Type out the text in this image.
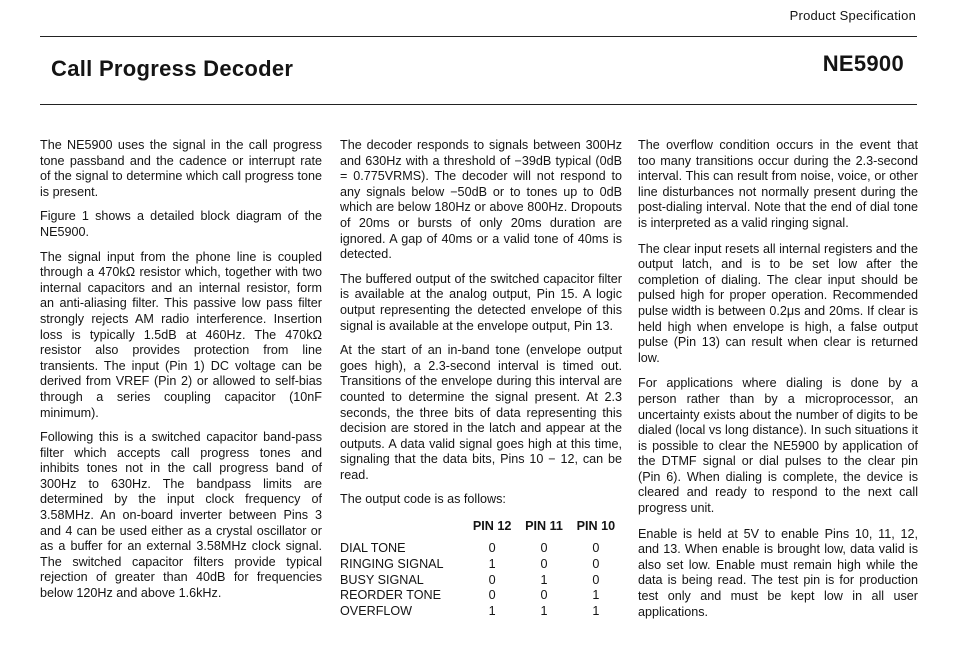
Product Specification
Call Progress Decoder	NE5900

The NE5900 uses the signal in the call progress tone passband and the cadence or interrupt rate of the signal to determine which call progress tone is present.

Figure 1 shows a detailed block diagram of the NE5900.

The signal input from the phone line is coupled through a 470kΩ resistor which, together with two internal capacitors and an internal resistor, form an anti-aliasing filter. This passive low pass filter strongly rejects AM radio interference. Insertion loss is typically 1.5dB at 460Hz. The 470kΩ resistor also provides protection from line transients. The input (Pin 1) DC voltage can be derived from VREF (Pin 2) or allowed to self-bias through a series coupling capacitor (10nF minimum).

Following this is a switched capacitor band-pass filter which accepts call progress tones and inhibits tones not in the call progress band of 300Hz to 630Hz. The bandpass limits are determined by the input clock frequency of 3.58MHz. An on-board inverter between Pins 3 and 4 can be used either as a crystal oscillator or as a buffer for an external 3.58MHz clock signal. The switched capacitor filters provide typical rejection of greater than 40dB for frequencies below 120Hz and above 1.6kHz.

The decoder responds to signals between 300Hz and 630Hz with a threshold of −39dB typical (0dB = 0.775VRMS). The decoder will not respond to any signals below −50dB or to tones up to 0dB which are below 180Hz or above 800Hz. Dropouts of 20ms or bursts of only 20ms duration are ignored. A gap of 40ms or a valid tone of 40ms is detected.

The buffered output of the switched capacitor filter is available at the analog output, Pin 15. A logic output representing the detected envelope of this signal is available at the envelope output, Pin 13.

At the start of an in-band tone (envelope output goes high), a 2.3-second interval is timed out. Transitions of the envelope during this interval are counted to determine the signal present. At 2.3 seconds, the three bits of data representing this decision are stored in the latch and appear at the outputs. A data valid signal goes high at this time, signaling that the data bits, Pins 10 − 12, can be read.

The output code is as follows:

	PIN 12	PIN 11	PIN 10

DIAL TONE	0	0	0
RINGING SIGNAL	1	0	0
BUSY SIGNAL	0	1	0
REORDER TONE	0	0	1
OVERFLOW	1	1	1

The overflow condition occurs in the event that too many transitions occur during the 2.3-second interval. This can result from noise, voice, or other line disturbances not normally present during the post-dialing interval. Note that the end of dial tone is interpreted as a valid ringing signal.

The clear input resets all internal registers and the output latch, and is to be set low after the completion of dialing. The clear input should be pulsed high for proper operation. Recommended pulse width is between 0.2μs and 20ms. If clear is held high when envelope is high, a false output pulse (Pin 13) can result when clear is returned low.

For applications where dialing is done by a person rather than by a microprocessor, an uncertainty exists about the number of digits to be dialed (local vs long distance). In such situations it is possible to clear the NE5900 by application of the DTMF signal or dial pulses to the clear pin (Pin 6). When dialing is complete, the device is cleared and ready to respond to the next call progress unit.

Enable is held at 5V to enable Pins 10, 11, 12, and 13. When enable is brought low, data valid is also set low. Enable must remain high while the data is being read. The test pin is for production test only and must be kept low in all user applications.
